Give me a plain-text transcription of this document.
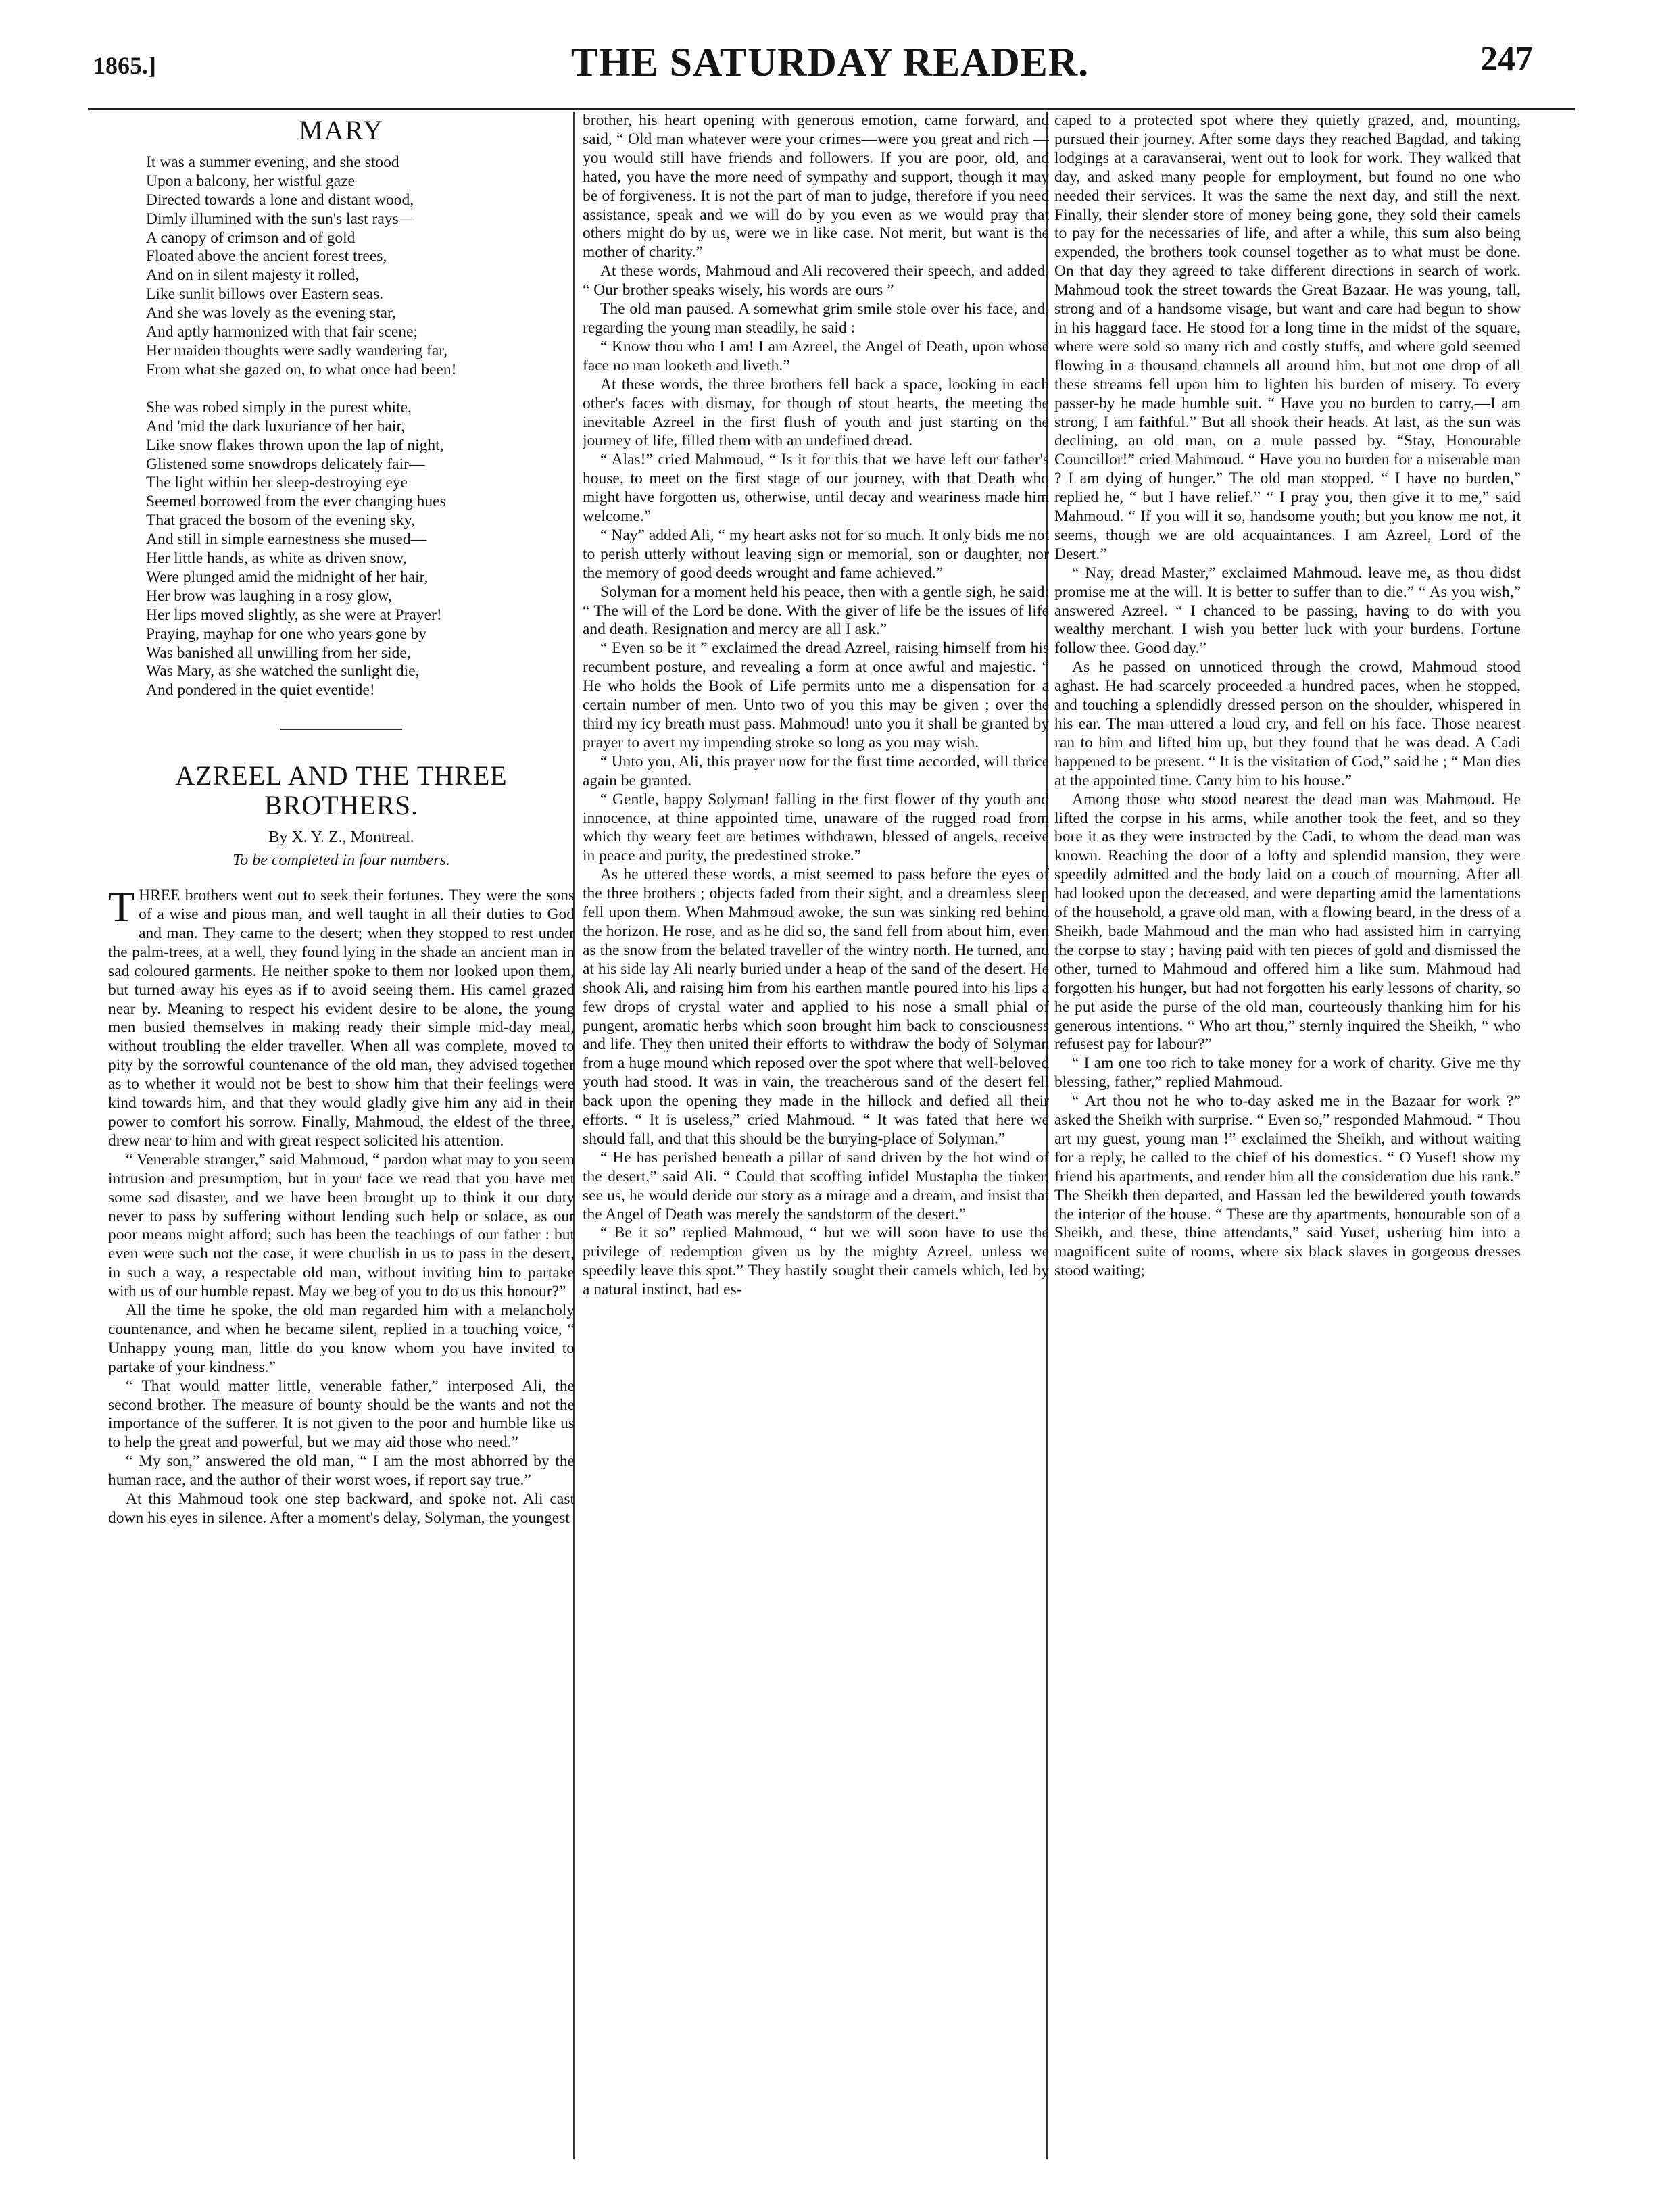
1865.]	THE SATURDAY READER.	247
MARY
It was a summer evening, and she stood
Upon a balcony, her wistful gaze
Directed towards a lone and distant wood,
Dimly illumined with the sun's last rays—
A canopy of crimson and of gold
Floated above the ancient forest trees,
And on in silent majesty it rolled,
Like sunlit billows over Eastern seas.
And she was lovely as the evening star,
And aptly harmonized with that fair scene;
Her maiden thoughts were sadly wandering far,
From what she gazed on, to what once had been!
She was robed simply in the purest white,
And 'mid the dark luxuriance of her hair,
Like snow flakes thrown upon the lap of night,
Glistened some snowdrops delicately fair—
The light within her sleep-destroying eye
Seemed borrowed from the ever changing hues
That graced the bosom of the evening sky,
And still in simple earnestness she mused—
Her little hands, as white as driven snow,
Were plunged amid the midnight of her hair,
Her brow was laughing in a rosy glow,
Her lips moved slightly, as she were at Prayer!
Praying, mayhap for one who years gone by
Was banished all unwilling from her side,
Was Mary, as she watched the sunlight die,
And pondered in the quiet eventide!
AZREEL AND THE THREE BROTHERS.
By X. Y. Z., Montreal.
To be completed in four numbers.

THREE brothers went out to seek their fortunes. They were the sons of a wise and pious man, and well taught in all their duties to God and man. They came to the desert; when they stopped to rest under the palm-trees, at a well, they found lying in the shade an ancient man in sad coloured garments. He neither spoke to them nor looked upon them, but turned away his eyes as if to avoid seeing them. His camel grazed near by. Meaning to respect his evident desire to be alone, the young men busied themselves in making ready their simple mid-day meal, without troubling the elder traveller. When all was complete, moved to pity by the sorrowful countenance of the old man, they advised together as to whether it would not be best to show him that their feelings were kind towards him, and that they would gladly give him any aid in their power to comfort his sorrow. Finally, Mahmoud, the eldest of the three, drew near to him and with great respect solicited his attention.

“ Venerable stranger,” said Mahmoud, “ pardon what may to you seem intrusion and presumption, but in your face we read that you have met some sad disaster, and we have been brought up to think it our duty never to pass by suffering without lending such help or solace, as our poor means might afford; such has been the teachings of our father : but even were such not the case, it were churlish in us to pass in the desert, in such a way, a respectable old man, without inviting him to partake with us of our humble repast. May we beg of you to do us this honour?”

All the time he spoke, the old man regarded him with a melancholy countenance, and when he became silent, replied in a touching voice, “ Unhappy young man, little do you know whom you have invited to partake of your kindness.”

“ That would matter little, venerable father,” interposed Ali, the second brother. The measure of bounty should be the wants and not the importance of the sufferer. It is not given to the poor and humble like us to help the great and powerful, but we may aid those who need.”

“ My son,” answered the old man, “ I am the most abhorred by the human race, and the author of their worst woes, if report say true.”

At this Mahmoud took one step backward, and spoke not. Ali cast down his eyes in silence. After a moment's delay, Solyman, the youngest

brother, his heart opening with generous emotion, came forward, and said, “ Old man whatever were your crimes—were you great and rich —you would still have friends and followers. If you are poor, old, and hated, you have the more need of sympathy and support, though it may be of forgiveness. It is not the part of man to judge, therefore if you need assistance, speak and we will do by you even as we would pray that others might do by us, were we in like case. Not merit, but want is the mother of charity.”

At these words, Mahmoud and Ali recovered their speech, and added, “ Our brother speaks wisely, his words are ours ”

The old man paused. A somewhat grim smile stole over his face, and, regarding the young man steadily, he said :

“ Know thou who I am! I am Azreel, the Angel of Death, upon whose face no man looketh and liveth.”

At these words, the three brothers fell back a space, looking in each other's faces with dismay, for though of stout hearts, the meeting the inevitable Azreel in the first flush of youth and just starting on the journey of life, filled them with an undefined dread.

“ Alas!” cried Mahmoud, “ Is it for this that we have left our father's house, to meet on the first stage of our journey, with that Death who might have forgotten us, otherwise, until decay and weariness made him welcome.”

“ Nay” added Ali, “ my heart asks not for so much. It only bids me not to perish utterly without leaving sign or memorial, son or daughter, nor the memory of good deeds wrought and fame achieved.”

Solyman for a moment held his peace, then with a gentle sigh, he said: “ The will of the Lord be done. With the giver of life be the issues of life and death. Resignation and mercy are all I ask.”

“ Even so be it ” exclaimed the dread Azreel, raising himself from his recumbent posture, and revealing a form at once awful and majestic. “ He who holds the Book of Life permits unto me a dispensation for a certain number of men. Unto two of you this may be given ; over the third my icy breath must pass. Mahmoud! unto you it shall be granted by prayer to avert my impending stroke so long as you may wish.

“ Unto you, Ali, this prayer now for the first time accorded, will thrice again be granted.

“ Gentle, happy Solyman! falling in the first flower of thy youth and innocence, at thine appointed time, unaware of the rugged road from which thy weary feet are betimes withdrawn, blessed of angels, receive in peace and purity, the predestined stroke.”

As he uttered these words, a mist seemed to pass before the eyes of the three brothers ; objects faded from their sight, and a dreamless sleep fell upon them. When Mahmoud awoke, the sun was sinking red behind the horizon. He rose, and as he did so, the sand fell from about him, even as the snow from the belated traveller of the wintry north. He turned, and at his side lay Ali nearly buried under a heap of the sand of the desert. He shook Ali, and raising him from his earthen mantle poured into his lips a few drops of crystal water and applied to his nose a small phial of pungent, aromatic herbs which soon brought him back to consciousness and life. They then united their efforts to withdraw the body of Solyman from a huge mound which reposed over the spot where that well-beloved youth had stood. It was in vain, the treacherous sand of the desert fell back upon the opening they made in the hillock and defied all their efforts. “ It is useless,” cried Mahmoud. “ It was fated that here we should fall, and that this should be the burying-place of Solyman.”

“ He has perished beneath a pillar of sand driven by the hot wind of the desert,” said Ali. “ Could that scoffing infidel Mustapha the tinker, see us, he would deride our story as a mirage and a dream, and insist that the Angel of Death was merely the sandstorm of the desert.”

“ Be it so” replied Mahmoud, “ but we will soon have to use the privilege of redemption given us by the mighty Azreel, unless we speedily leave this spot.” They hastily sought their camels which, led by a natural instinct, had es-

caped to a protected spot where they quietly grazed, and, mounting, pursued their journey. After some days they reached Bagdad, and taking lodgings at a caravanserai, went out to look for work. They walked that day, and asked many people for employment, but found no one who needed their services. It was the same the next day, and still the next. Finally, their slender store of money being gone, they sold their camels to pay for the necessaries of life, and after a while, this sum also being expended, the brothers took counsel together as to what must be done. On that day they agreed to take different directions in search of work. Mahmoud took the street towards the Great Bazaar. He was young, tall, strong and of a handsome visage, but want and care had begun to show in his haggard face. He stood for a long time in the midst of the square, where were sold so many rich and costly stuffs, and where gold seemed flowing in a thousand channels all around him, but not one drop of all these streams fell upon him to lighten his burden of misery. To every passer-by he made humble suit. “ Have you no burden to carry,—I am strong, I am faithful.” But all shook their heads. At last, as the sun was declining, an old man, on a mule passed by. “Stay, Honourable Councillor!” cried Mahmoud. “ Have you no burden for a miserable man ? I am dying of hunger.” The old man stopped. “ I have no burden,” replied he, “ but I have relief.” “ I pray you, then give it to me,” said Mahmoud. “ If you will it so, handsome youth; but you know me not, it seems, though we are old acquaintances. I am Azreel, Lord of the Desert.”

“ Nay, dread Master,” exclaimed Mahmoud. leave me, as thou didst promise me at the will. It is better to suffer than to die.” “ As you wish,” answered Azreel. “ I chanced to be passing, having to do with you wealthy merchant. I wish you better luck with your burdens. Fortune follow thee. Good day.”

As he passed on unnoticed through the crowd, Mahmoud stood aghast. He had scarcely proceeded a hundred paces, when he stopped, and touching a splendidly dressed person on the shoulder, whispered in his ear. The man uttered a loud cry, and fell on his face. Those nearest ran to him and lifted him up, but they found that he was dead. A Cadi happened to be present. “ It is the visitation of God,” said he ; “ Man dies at the appointed time. Carry him to his house.”

Among those who stood nearest the dead man was Mahmoud. He lifted the corpse in his arms, while another took the feet, and so they bore it as they were instructed by the Cadi, to whom the dead man was known. Reaching the door of a lofty and splendid mansion, they were speedily admitted and the body laid on a couch of mourning. After all had looked upon the deceased, and were departing amid the lamentations of the household, a grave old man, with a flowing beard, in the dress of a Sheikh, bade Mahmoud and the man who had assisted him in carrying the corpse to stay ; having paid with ten pieces of gold and dismissed the other, turned to Mahmoud and offered him a like sum. Mahmoud had forgotten his hunger, but had not forgotten his early lessons of charity, so he put aside the purse of the old man, courteously thanking him for his generous intentions. “ Who art thou,” sternly inquired the Sheikh, “ who refusest pay for labour?”

“ I am one too rich to take money for a work of charity. Give me thy blessing, father,” replied Mahmoud.

“ Art thou not he who to-day asked me in the Bazaar for work ?” asked the Sheikh with surprise. “ Even so,” responded Mahmoud. “ Thou art my guest, young man !” exclaimed the Sheikh, and without waiting for a reply, he called to the chief of his domestics. “ O Yusef! show my friend his apartments, and render him all the consideration due his rank.” The Sheikh then departed, and Hassan led the bewildered youth towards the interior of the house. “ These are thy apartments, honourable son of a Sheikh, and these, thine attendants,” said Yusef, ushering him into a magnificent suite of rooms, where six black slaves in gorgeous dresses stood waiting;
